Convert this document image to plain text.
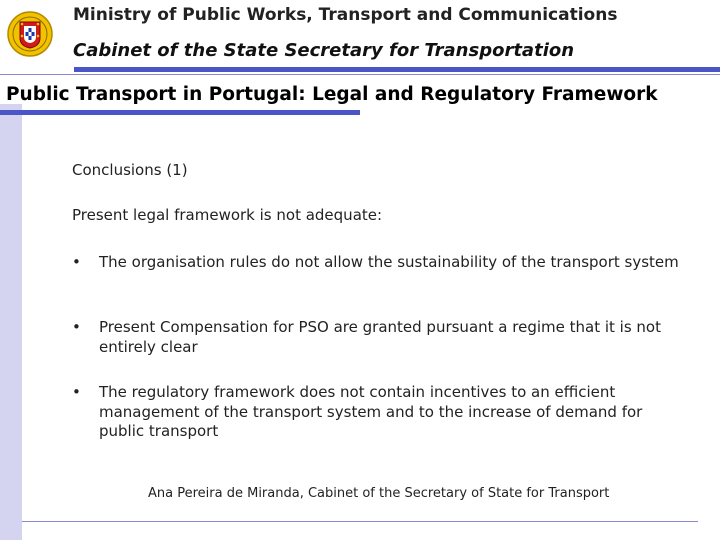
Ministry of Public Works, Transport and Communications
Cabinet of the State Secretary for Transportation
Public Transport in Portugal: Legal and Regulatory Framework
Conclusions (1)
Present legal framework is not adequate:
•	The organisation rules do not allow the sustainability of the transport system
•	Present Compensation for PSO are granted pursuant a regime that it is not entirely clear
•	The regulatory framework does not contain incentives to an efficient management of the transport system and to the increase of demand for public transport
Ana Pereira de Miranda, Cabinet of the Secretary of State for Transport
